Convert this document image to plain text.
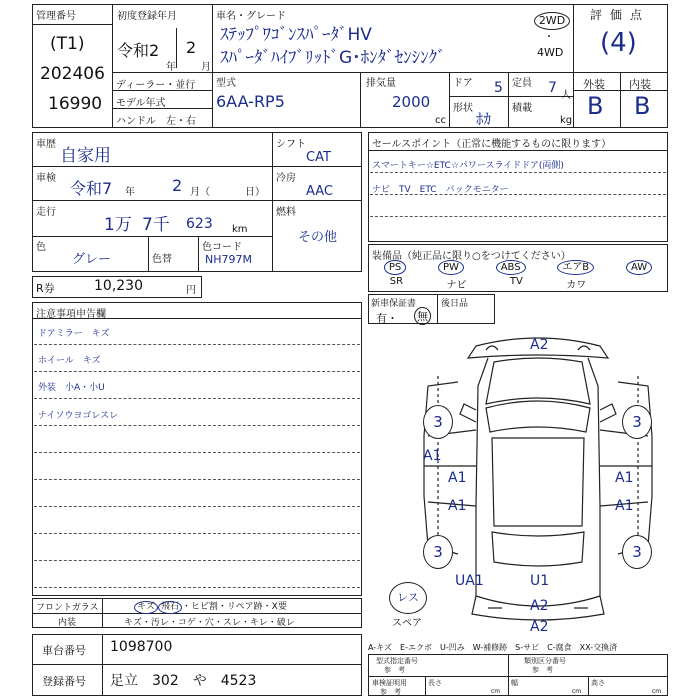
管理番号
(T1)
202406
16990
初度登録年月
令和2
年
2
月
車名・グレード
ｽﾃｯﾌﾟﾜｺﾞﾝｽﾊﾟｰﾀﾞHV
ｽﾊﾟｰﾀﾞﾊｲﾌﾞﾘｯﾄﾞG･ﾎﾝﾀﾞｾﾝｼﾝｸﾞ
2WD
・
4WD
評価点
(4)
ディーラー・並行
モデル年式
ハンドル　左・右
型式
6AA-RP5
排気量
2000
cc
ドア 5 定員 7 人
形状
ﾎｶ
積載
kg
外装 内装
B B
車歴
自家用
車検
令和7 年 2 月（	日）
走行
1万 7千 623 km
色
グレー	色替
色コード
NH797M
シフト
CAT
冷房
AAC
燃料
その他
R券	10,230	円
セールスポイント（正常に機能するものに限ります）
スマートキー☆ETC☆パワースライドドア(両側)
ナビ　TV　ETC　バックモニター
装備品（純正品に限り○をつけてください）
PS	PW	ABS	エアB	AW
SR	ナビ	TV	カワ
新車保証書
有・ 無
後日品
注意事項申告欄
ドアミラー　キズ
ホイール　キズ
外装　小A・小U
ナイソウヨゴレスレ	3	3
3	3
A2
A1
A1	A1
A1	A1
UA1	U1
A2
A2
レス
スペア
フロントガラス
内装
キズ 飛石 ・ヒビ割・リペア跡・X要
キズ・汚レ・コゲ・穴・スレ・キレ・破レ
車台番号 1098700
登録番号 足立　302　や　4523
A-キズ　E-エクボ　U-凹み　W-補修跡　S-サビ　C-腐食　XX-交換済
型式指定番号
参　考
類別区分番号
参　考
車検証明用
参　考
長さ
cm
幅
cm
高さ
cm
